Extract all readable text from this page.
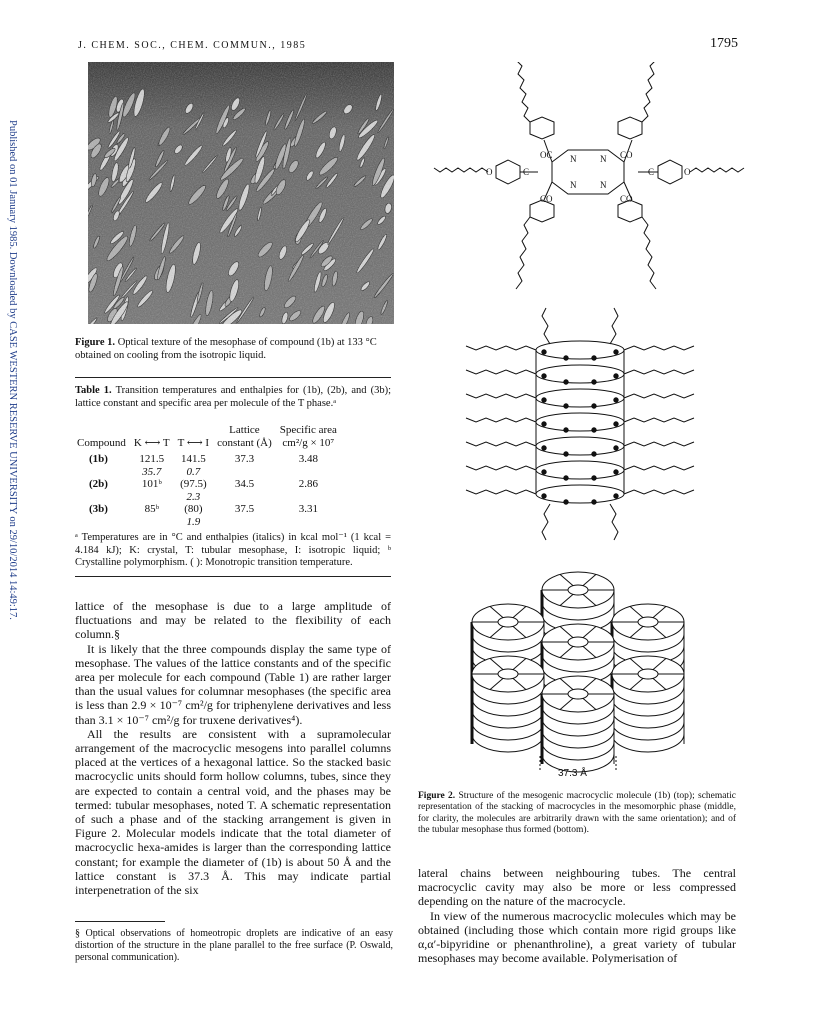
Published on 01 January 1985. Downloaded by CASE WESTERN RESERVE UNIVERSITY on 29/10/2014 14:49:17.
J. CHEM. SOC., CHEM. COMMUN., 1985	1795
Figure 1. Optical texture of the mesophase of compound (1b) at 133 °C obtained on cooling from the isotropic liquid.
Table 1. Transition temperatures and enthalpies for (1b), (2b), and (3b); lattice constant and specific area per molecule of the T phase.ᵃ
			Lattice	Specific area
Compound	K ⟷ T	T ⟷ I	constant (Å)	cm²/g × 10⁷

(1b)	121.5	141.5	37.3	3.48
	35.7	0.7		
(2b)	101ᵇ	(97.5)	34.5	2.86
		2.3		
(3b)	85ᵇ	(80)	37.5	3.31
		1.9		
ᵃ Temperatures are in °C and enthalpies (italics) in kcal mol⁻¹ (1 kcal = 4.184 kJ); K: crystal, T: tubular mesophase, I: isotropic liquid; ᵇ Crystalline polymorphism. ( ): Monotropic transition temperature.

lattice of the mesophase is due to a large amplitude of fluctuations and may be related to the flexibility of each column.§

It is likely that the three compounds display the same type of mesophase. The values of the lattice constants and of the specific area per molecule for each compound (Table 1) are rather larger than the usual values for columnar mesophases (the specific area is less than 2.9 × 10⁻⁷ cm²/g for triphenylene derivatives and less than 3.1 × 10⁻⁷ cm²/g for truxene derivatives⁴).

All the results are consistent with a supramolecular arrangement of the macrocyclic mesogens into parallel columns placed at the vertices of a hexagonal lattice. So the stacked basic macrocyclic units should form hollow columns, tubes, since they are expected to contain a central void, and the phases may be termed: tubular mesophases, noted T. A schematic representation of such a phase and of the stacking arrangement is given in Figure 2. Molecular models indicate that the total diameter of macrocyclic hexa-amides is larger than the corresponding lattice constant; for example the diameter of (1b) is about 50 Å and the lattice constant is 37.3 Å. This may indicate partial interpenetration of the six

§ Optical observations of homeotropic droplets are indicative of an easy distortion of the structure in the plane parallel to the free surface (P. Oswald, personal communication).
OC	CO
N	N
N	N
CO	CO
C	C
O	O
37.3 Å
Figure 2. Structure of the mesogenic macrocyclic molecule (1b) (top); schematic representation of the stacking of macrocycles in the mesomorphic phase (middle, for clarity, the molecules are arbitrarily drawn with the same orientation); and of the tubular mesophase thus formed (bottom).

lateral chains between neighbouring tubes. The central macrocyclic cavity may also be more or less compressed depending on the nature of the macrocycle.

In view of the numerous macrocyclic molecules which may be obtained (including those which contain more rigid groups like α,α′-bipyridine or phenanthroline), a great variety of tubular mesophases may become available. Polymerisation of
